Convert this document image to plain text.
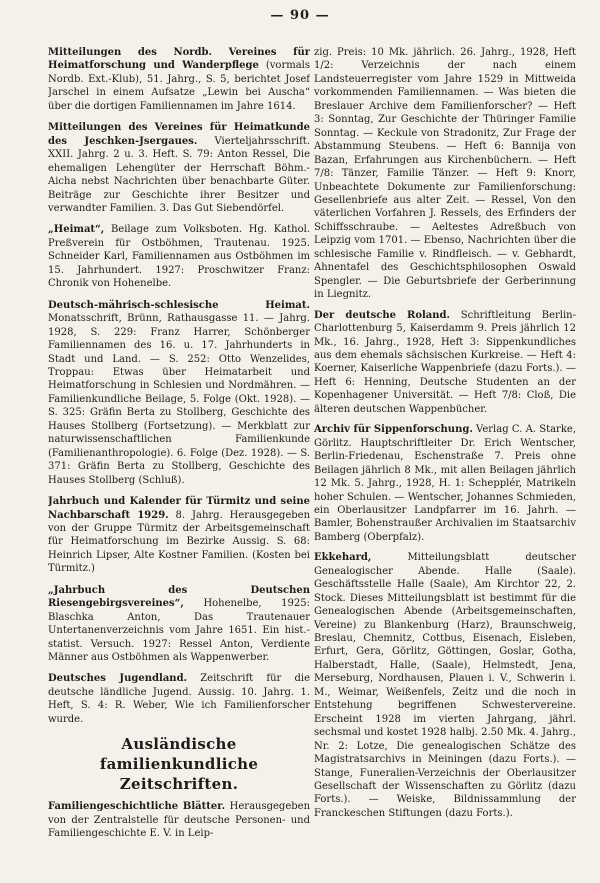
— 90 —

Mitteilungen des Nordb. Vereines für Heimatforschung und Wanderpflege (vormals Nordb. Ext.-Klub), 51. Jahrg., S. 5, berichtet Josef Jarschel in einem Aufsatze „Lewin bei Auscha“ über die dortigen Familiennamen im Jahre 1614.

Mitteilungen des Vereines für Heimatkunde des Jeschken-Jsergaues. Vierteljahrsschrift. XXII. Jahrg. 2 u. 3. Heft. S. 79: Anton Ressel, Die ehemaligen Lehengüter der Herrschaft Böhm.-Aicha nebst Nachrichten über benachbarte Güter. Beiträge zur Geschichte ihrer Besitzer und verwandter Familien. 3. Das Gut Siebendörfel.

„Heimat“, Beilage zum Volksboten. Hg. Kathol. Preßverein für Ostböhmen, Trautenau. 1925. Schneider Karl, Familiennamen aus Ostböhmen im 15. Jahrhundert. 1927: Proschwitzer Franz: Chronik von Hohenelbe.

Deutsch-mährisch-schlesische Heimat. Monatsschrift, Brünn, Rathausgasse 11. — Jahrg. 1928, S. 229: Franz Harrer, Schönberger Familiennamen des 16. u. 17. Jahrhunderts in Stadt und Land. — S. 252: Otto Wenzelides, Troppau: Etwas über Heimatarbeit und Heimatforschung in Schlesien und Nordmähren. — Familienkundliche Beilage, 5. Folge (Okt. 1928). — S. 325: Gräfin Berta zu Stollberg, Geschichte des Hauses Stollberg (Fortsetzung). — Merkblatt zur naturwissenschaftlichen Familienkunde (Familienanthropologie). 6. Folge (Dez. 1928). — S. 371: Gräfin Berta zu Stollberg, Geschichte des Hauses Stollberg (Schluß).

Jahrbuch und Kalender für Türmitz und seine Nachbarschaft 1929. 8. Jahrg. Herausgegeben von der Gruppe Türmitz der Arbeitsgemeinschaft für Heimatforschung im Bezirke Aussig. S. 68: Heinrich Lipser, Alte Kostner Familien. (Kosten bei Türmitz.)

„Jahrbuch des Deutschen Riesengebirgsvereines“, Hohenelbe, 1925: Blaschka Anton, Das Trautenauer Untertanenverzeichnis vom Jahre 1651. Ein hist.-statist. Versuch. 1927: Ressel Anton, Verdiente Männer aus Ostböhmen als Wappenwerber.

Deutsches Jugendland. Zeitschrift für die deutsche ländliche Jugend. Aussig. 10. Jahrg. 1. Heft, S. 4: R. Weber, Wie ich Familienforscher wurde.

Ausländische familienkundliche Zeitschriften.

Familiengeschichtliche Blätter. Herausgegeben von der Zentralstelle für deutsche Personen- und Familiengeschichte E. V. in Leip-

zig. Preis: 10 Mk. jährlich. 26. Jahrg., 1928, Heft 1/2: Verzeichnis der nach einem Landsteuerregister vom Jahre 1529 in Mittweida vorkommenden Familiennamen. — Was bieten die Breslauer Archive dem Familienforscher? — Heft 3: Sonntag, Zur Geschichte der Thüringer Familie Sonntag. — Keckule von Stradonitz, Zur Frage der Abstammung Steubens. — Heft 6: Bannija von Bazan, Erfahrungen aus Kirchenbüchern. — Heft 7/8: Tänzer, Familie Tänzer. — Heft 9: Knorr, Unbeachtete Dokumente zur Familienforschung: Gesellenbriefe aus alter Zeit. — Ressel, Von den väterlichen Vorfahren J. Ressels, des Erfinders der Schiffsschraube. — Aeltestes Adreßbuch von Leipzig vom 1701. — Ebenso, Nachrichten über die schlesische Familie v. Rindfleisch. — v. Gebhardt, Ahnentafel des Geschichtsphilosophen Oswald Spengler. — Die Geburtsbriefe der Gerberinnung in Liegnitz.

Der deutsche Roland. Schriftleitung Berlin-Charlottenburg 5, Kaiserdamm 9. Preis jährlich 12 Mk., 16. Jahrg., 1928, Heft 3: Sippenkundliches aus dem ehemals sächsischen Kurkreise. — Heft 4: Koerner, Kaiserliche Wappenbriefe (dazu Forts.). — Heft 6: Henning, Deutsche Studenten an der Kopenhagener Universität. — Heft 7/8: Cloß, Die älteren deutschen Wappenbücher.

Archiv für Sippenforschung. Verlag C. A. Starke, Görlitz. Hauptschriftleiter Dr. Erich Wentscher, Berlin-Friedenau, Eschenstraße 7. Preis ohne Beilagen jährlich 8 Mk., mit allen Beilagen jährlich 12 Mk. 5. Jahrg., 1928, H. 1: Schepplér, Matrikeln hoher Schulen. — Wentscher, Johannes Schmieden, ein Oberlausitzer Landpfarrer im 16. Jahrh. — Bamler, Bohenstraußer Archivalien im Staatsarchiv Bamberg (Oberpfalz).

Ekkehard, Mitteilungsblatt deutscher Genealogischer Abende. Halle (Saale). Geschäftsstelle Halle (Saale), Am Kirchtor 22, 2. Stock. Dieses Mitteilungsblatt ist bestimmt für die Genealogischen Abende (Arbeitsgemeinschaften, Vereine) zu Blankenburg (Harz), Braunschweig, Breslau, Chemnitz, Cottbus, Eisenach, Eisleben, Erfurt, Gera, Görlitz, Göttingen, Goslar, Gotha, Halberstadt, Halle, (Saale), Helmstedt, Jena, Merseburg, Nordhausen, Plauen i. V., Schwerin i. M., Weimar, Weißenfels, Zeitz und die noch in Entstehung begriffenen Schwestervereine. Erscheint 1928 im vierten Jahrgang, jährl. sechsmal und kostet 1928 halbj. 2.50 Mk. 4. Jahrg., Nr. 2: Lotze, Die genealogischen Schätze des Magistratsarchivs in Meiningen (dazu Forts.). — Stange, Funeralien-Verzeichnis der Oberlausitzer Gesellschaft der Wissenschaften zu Görlitz (dazu Forts.). — Weiske, Bildnissammlung der Franckeschen Stiftungen (dazu Forts.).
